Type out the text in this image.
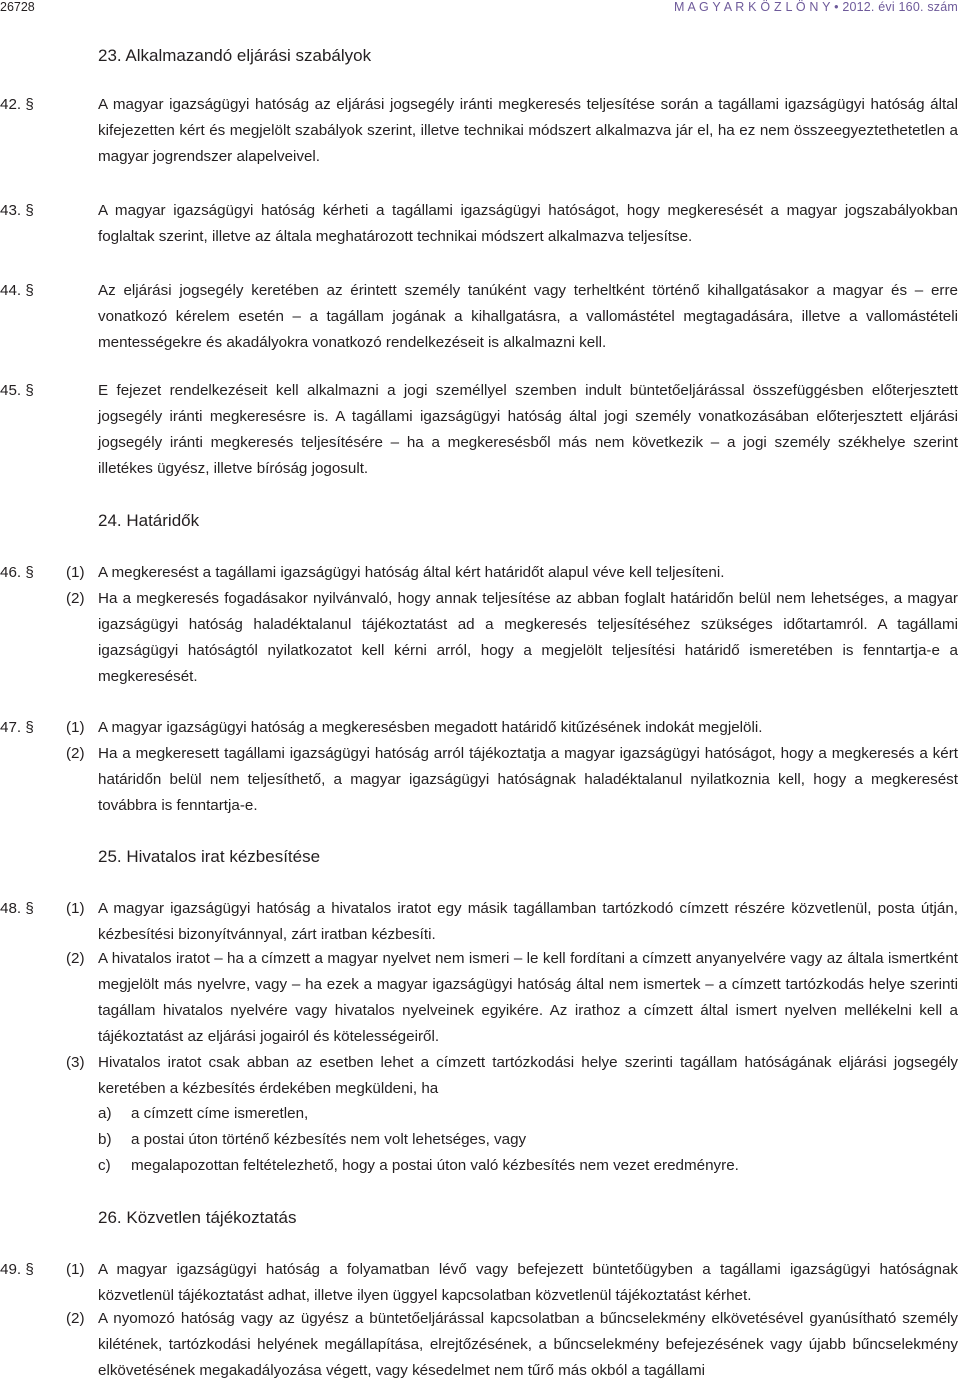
26728	M A G Y A R K Ö Z L Ö N Y • 2012. évi 160. szám
23. Alkalmazandó eljárási szabályok
42. §	A magyar igazságügyi hatóság az eljárási jogsegély iránti megkeresés teljesítése során a tagállami igazságügyi hatóság által kifejezetten kért és megjelölt szabályok szerint, illetve technikai módszert alkalmazva jár el, ha ez nem összeegyeztethetetlen a magyar jogrendszer alapelveivel.
43. §	A magyar igazságügyi hatóság kérheti a tagállami igazságügyi hatóságot, hogy megkeresését a magyar jogszabályokban foglaltak szerint, illetve az általa meghatározott technikai módszert alkalmazva teljesítse.
44. §	Az eljárási jogsegély keretében az érintett személy tanúként vagy terheltként történő kihallgatásakor a magyar és – erre vonatkozó kérelem esetén – a tagállam jogának a kihallgatásra, a vallomástétel megtagadására, illetve a vallomástételi mentességekre és akadályokra vonatkozó rendelkezéseit is alkalmazni kell.
45. §	E fejezet rendelkezéseit kell alkalmazni a jogi személlyel szemben indult büntetőeljárással összefüggésben előterjesztett jogsegély iránti megkeresésre is. A tagállami igazságügyi hatóság által jogi személy vonatkozásában előterjesztett eljárási jogsegély iránti megkeresés teljesítésére – ha a megkeresésből más nem következik – a jogi személy székhelye szerint illetékes ügyész, illetve bíróság jogosult.
24. Határidők
46. § (1) A megkeresést a tagállami igazságügyi hatóság által kért határidőt alapul véve kell teljesíteni.
(2) Ha a megkeresés fogadásakor nyilvánvaló, hogy annak teljesítése az abban foglalt határidőn belül nem lehetséges, a magyar igazságügyi hatóság haladéktalanul tájékoztatást ad a megkeresés teljesítéséhez szükséges időtartamról. A tagállami igazságügyi hatóságtól nyilatkozatot kell kérni arról, hogy a megjelölt teljesítési határidő ismeretében is fenntartja-e a megkeresését.
47. § (1) A magyar igazságügyi hatóság a megkeresésben megadott határidő kitűzésének indokát megjelöli.
(2) Ha a megkeresett tagállami igazságügyi hatóság arról tájékoztatja a magyar igazságügyi hatóságot, hogy a megkeresés a kért határidőn belül nem teljesíthető, a magyar igazságügyi hatóságnak haladéktalanul nyilatkoznia kell, hogy a megkeresést továbbra is fenntartja-e.
25. Hivatalos irat kézbesítése
48. § (1) A magyar igazságügyi hatóság a hivatalos iratot egy másik tagállamban tartózkodó címzett részére közvetlenül, posta útján, kézbesítési bizonyítvánnyal, zárt iratban kézbesíti.
(2) A hivatalos iratot – ha a címzett a magyar nyelvet nem ismeri – le kell fordítani a címzett anyanyelvére vagy az általa ismertként megjelölt más nyelvre, vagy – ha ezek a magyar igazságügyi hatóság által nem ismertek – a címzett tartózkodás helye szerinti tagállam hivatalos nyelvére vagy hivatalos nyelveinek egyikére. Az irathoz a címzett által ismert nyelven mellékelni kell a tájékoztatást az eljárási jogairól és kötelességeiről.
(3) Hivatalos iratot csak abban az esetben lehet a címzett tartózkodási helye szerinti tagállam hatóságának eljárási jogsegély keretében a kézbesítés érdekében megküldeni, ha
a) a címzett címe ismeretlen,
b) a postai úton történő kézbesítés nem volt lehetséges, vagy
c) megalapozottan feltételezhető, hogy a postai úton való kézbesítés nem vezet eredményre.
26. Közvetlen tájékoztatás
49. § (1) A magyar igazságügyi hatóság a folyamatban lévő vagy befejezett büntetőügyben a tagállami igazságügyi hatóságnak közvetlenül tájékoztatást adhat, illetve ilyen üggyel kapcsolatban közvetlenül tájékoztatást kérhet.
(2) A nyomozó hatóság vagy az ügyész a büntetőeljárással kapcsolatban a bűncselekmény elkövetésével gyanúsítható személy kilétének, tartózkodási helyének megállapítása, elrejtőzésének, a bűncselekmény befejezésének vagy újabb bűncselekmény elkövetésének megakadályozása végett, vagy késedelmet nem tűrő más okból a tagállami
